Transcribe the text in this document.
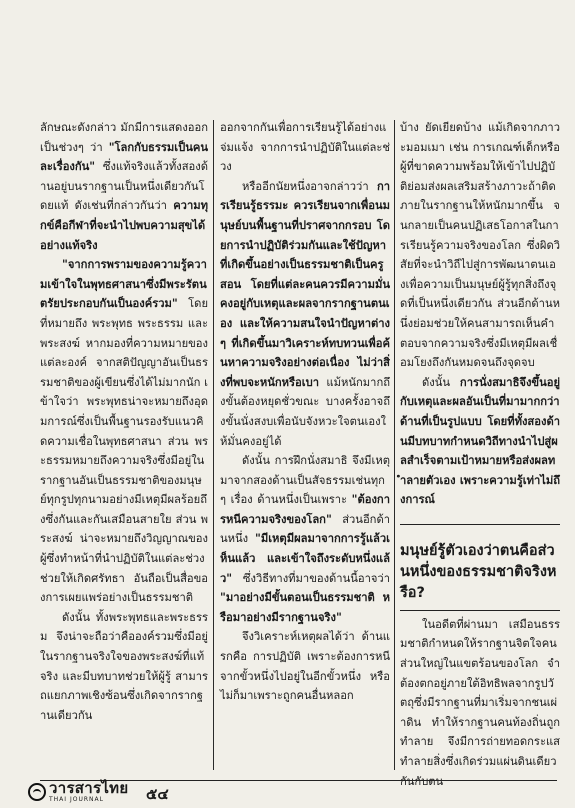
ลักษณะดังกล่าว มักมีการแสดงออกเป็นช่วงๆ ว่า "โลกกับธรรมเป็นคนละเรื่องกัน" ซึ่งแท้จริงแล้วทั้งสองด้านอยู่บนรากฐานเป็นหนึ่งเดียวกันโดยแท้ ดังเช่นที่กล่าวกันว่า ความทุกข์คือกีฬาที่จะนำไปพบความสุขได้อย่างแท้จริง

"จากการพรามของความรู้ความเข้าใจในพุทธศาสนาซึ่งมีพระรัตนตรัยประกอบกันเป็นองค์รวม" โดยที่หมายถึง พระพุทธ พระธรรม และ พระสงฆ์ หากมองที่ความหมายของแต่ละองค์ จากสติปัญญาอันเป็นธรรมชาติของผู้เขียนซึ่งได้ไม่มากนัก เข้าใจว่า พระพุทธน่าจะหมายถึงอุดมการณ์ซึ่งเป็นพื้นฐานรองรับแนวคิดความเชื่อในพุทธศาสนา ส่วน พระธรรมหมายถึงความจริงซึ่งมีอยู่ในรากฐานอันเป็นธรรมชาติของมนุษย์ทุกรูปทุกนามอย่างมีเหตุมีผลร้อยถึงซึ่งกันและกันเสมือนสายใย ส่วน พระสงฆ์ น่าจะหมายถึงวิญญาณของผู้ซึ่งทำหน้าที่นำปฏิบัติในแต่ละช่วงช่วยให้เกิดศรัทธา อันถือเป็นสื่อของการเผยแพร่อย่างเป็นธรรมชาติ

ดังนั้น ทั้งพระพุทธและพระธรรม จึงน่าจะถือว่าคือองค์รวมซึ่งมีอยู่ในรากฐานจริงใจของพระสงฆ์ที่แท้จริง และมีบทบาทช่วยให้ผู้รู้ สามารถแยกภาพเชิงซ้อนซึ่งเกิดจากรากฐานเดียวกัน

ออกจากกันเพื่อการเรียนรู้ได้อย่างแจ่มแจ้ง จากการนำปฏิบัติในแต่ละช่วง

หรืออีกนัยหนึ่งอาจกล่าวว่า การเรียนรู้ธรรมะ ควรเรียนจากเพื่อนมนุษย์บนพื้นฐานที่ปราศจากกรอบ โดยการนำปฏิบัติร่วมกันและใช้ปัญหาที่เกิดขึ้นอย่างเป็นธรรมชาติเป็นครูสอน โดยที่แต่ละคนควรมีความมั่นคงอยู่กับเหตุและผลจากรากฐานตนเอง และให้ความสนใจนำปัญหาต่างๆ ที่เกิดขึ้นมาวิเคราะห์ทบทวนเพื่อค้นหาความจริงอย่างต่อเนื่อง ไม่ว่าสิ่งที่พบจะหนักหรือเบา แม้หนักมากถึงขั้นต้องหยุดชั่วขณะ บางครั้งอาจถึงขั้นนั่งสงบเพื่อนับจังหวะใจตนเองให้มั่นคงอยู่ได้

ดังนั้น การฝึกนั่งสมาธิ จึงมีเหตุมาจากสองด้านเป็นสัจธรรมเช่นทุกๆ เรื่อง ด้านหนึ่งเป็นเพราะ "ต้องการหนีความจริงของโลก" ส่วนอีกด้านหนึ่ง "มีเหตุมีผลมาจากการรู้แล้วเห็นแล้ว และเข้าใจถึงระดับหนึ่งแล้ว" ซึ่งวิธีทางที่มาของด้านนี้อาจว่า "มาอย่างมีขั้นตอนเป็นธรรมชาติ หรือมาอย่างมีรากฐานจริง"

จึงวิเคราะห์เหตุผลได้ว่า ด้านแรกคือ การปฏิบัติ เพราะต้องการหนีจากขั้วหนึ่งไปอยู่ในอีกขั้วหนึ่ง หรือไม่ก็มาเพราะถูกคนอื่นหลอก

บ้าง ยัดเยียดบ้าง แม้เกิดจากภาวะมอมเมา เช่น การเกณฑ์เด็กหรือผู้ที่ขาดความพร้อมให้เข้าไปปฏิบัติย่อมส่งผลเสริมสร้างภาวะถ้าติดภายในรากฐานให้หนักมากขึ้น จนกลายเป็นคนปฏิเสธโอกาสในการเรียนรู้ความจริงของโลก ซึ่งผิดวิสัยที่จะนำวิถีไปสู่การพัฒนาตนเองเพื่อความเป็นมนุษย์ผู้รู้ทุกสิ่งถึงจุดที่เป็นหนึ่งเดียวกัน ส่วนอีกด้านหนึ่งย่อมช่วยให้คนสามารถเห็นคำตอบจากความจริงซึ่งมีเหตุมีผลเชื่อมโยงถึงกันหมดจนถึงจุดจบ

ดังนั้น การนั่งสมาธิจึงขึ้นอยู่กับเหตุและผลอันเป็นที่มามากกว่าด้านที่เป็นรูปแบบ โดยที่ทั้งสองด้านมีบทบาทกำหนดวิถีทางนำไปสู่ผลสำเร็จตามเป้าหมายหรือส่งผลทำลายตัวเอง เพราะความรู้เท่าไม่ถึงการณ์

มนุษย์รู้ตัวเองว่าตนคือส่วนหนึ่งของธรรมชาติจริงหรือ?

ในอดีตที่ผ่านมา เสมือนธรรมชาติกำหนดให้รากฐานจิตใจคนส่วนใหญ่ในแขตร้อนของโลก จำต้องตกอยู่ภายใต้อิทธิพลจากรูปวัตถุซึ่งมีรากฐานที่มาเริ่มจากชนเผ่าดิน ทำให้รากฐานคนท้องถิ่นถูกทำลาย จึงมีการถ่ายทอดกระแส ทำลายสิ่งซึ่งเกิดร่วมแผ่นดินเดียวกันกับตน

วารสารไทย
THAI JOURNAL	๕๔
